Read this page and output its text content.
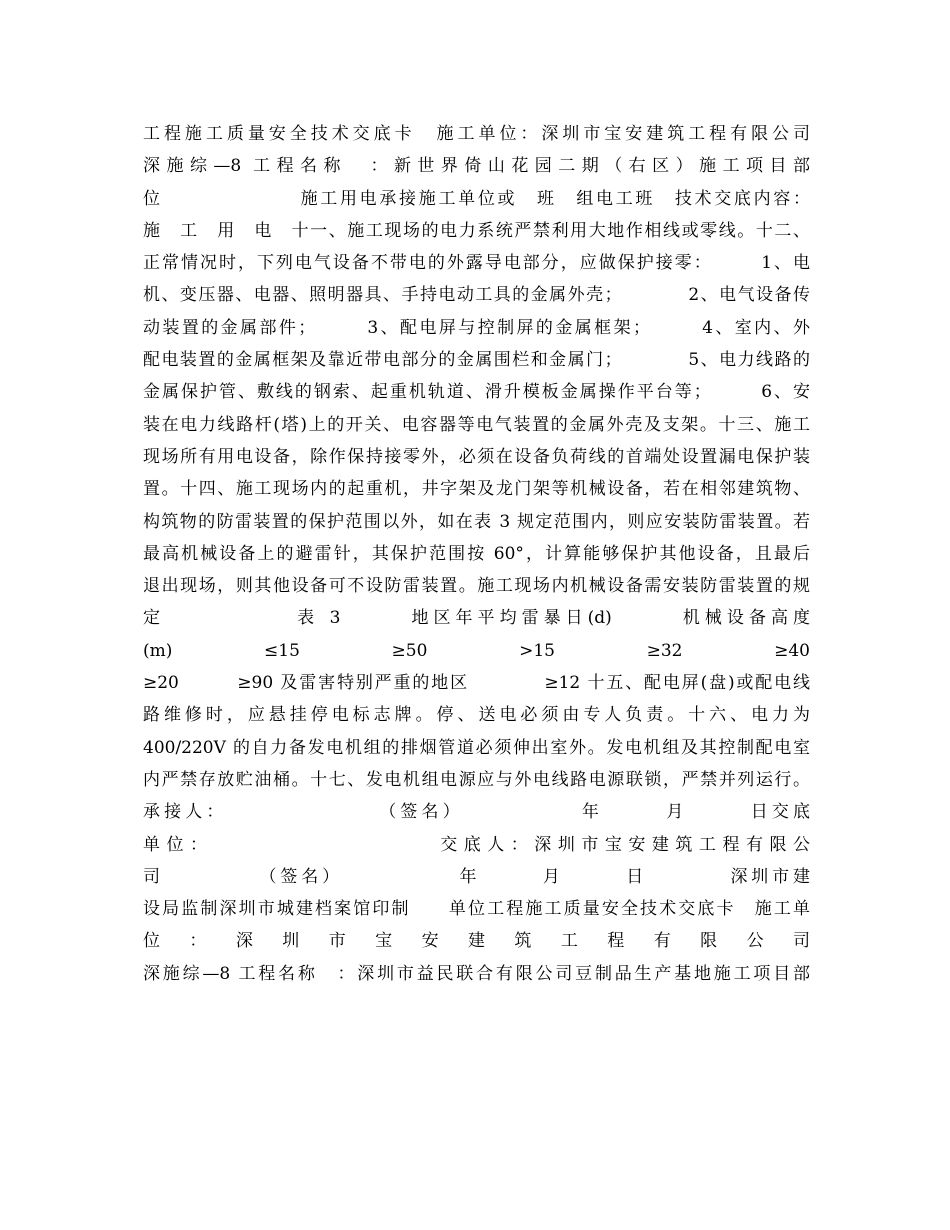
工程施工质量安全技术交底卡　施工单位：深圳市宝安建筑工程有限公司
深施综—8 工程名称　：新世界倚山花园二期（右区）施工项目部
位　　　　　　　施工用电承接施工单位或　班　组电工班　技术交底内容：
施　工　用　电　十一、施工现场的电力系统严禁利用大地作相线或零线。十二、
正常情况时，下列电气设备不带电的外露导电部分，应做保护接零：　　　1、电
机、变压器、电器、照明器具、手持电动工具的金属外壳；　　　　2、电气设备传
动装置的金属部件；　　　3、配电屏与控制屏的金属框架；　　　4、室内、外
配电装置的金属框架及靠近带电部分的金属围栏和金属门；　　　　5、电力线路的
金属保护管、敷线的钢索、起重机轨道、滑升模板金属操作平台等；　　　6、安
装在电力线路杆(塔)上的开关、电容器等电气装置的金属外壳及支架。十三、施工
现场所有用电设备，除作保持接零外，必须在设备负荷线的首端处设置漏电保护装
置。十四、施工现场内的起重机，井字架及龙门架等机械设备，若在相邻建筑物、
构筑物的防雷装置的保护范围以外，如在表 3 规定范围内，则应安装防雷装置。若
最高机械设备上的避雷针，其保护范围按 60°，计算能够保护其他设备，且最后
退出现场，则其他设备可不设防雷装置。施工现场内机械设备需安装防雷装置的规
定　　　　　　表 3　　　地区年平均雷暴日(d)　　　机械设备高度
(m)　　　　≤15　　　　≥50　　　　>15　　　　≥32　　　　≥40
≥20　　　≥90 及雷害特别严重的地区　　　　≥12 十五、配电屏(盘)或配电线
路维修时，应悬挂停电标志牌。停、送电必须由专人负责。十六、电力为
400/220V 的自力备发电机组的排烟管道必须伸出室外。发电机组及其控制配电室
内严禁存放贮油桶。十七、发电机组电源应与外电线路电源联锁，严禁并列运行。
承接人：　　　　　　　　（签名）　　　　　　年　　　月　　　日交底
单位：　　　　　　　　　　交底人：深圳市宝安建筑工程有限公
司　　　　　（签名）　　　　　　年　　　月　　　日　　　　深圳市建
设局监制深圳市城建档案馆印制　　单位工程施工质量安全技术交底卡　施工单
位：深圳市宝安建筑工程有限公司
深施综—8 工程名称　：深圳市益民联合有限公司豆制品生产基地施工项目部
